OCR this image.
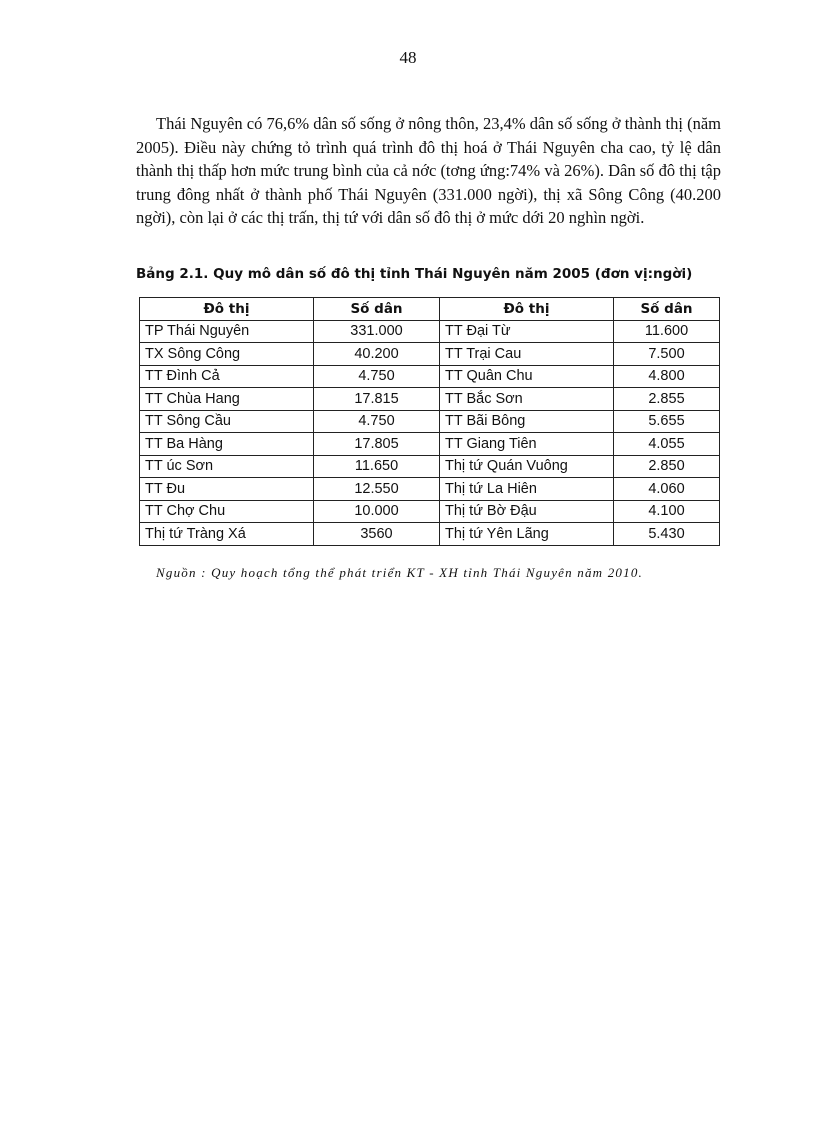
48

Thái Nguyên có 76,6% dân số sống ở nông thôn, 23,4% dân số sống ở thành thị (năm 2005). Điều này chứng tỏ trình quá trình đô thị hoá ở Thái Nguyên cha cao, tỷ lệ dân thành thị thấp hơn mức trung bình của cả nớc (tơng ứng:74% và 26%). Dân số đô thị tập trung đông nhất ở thành phố Thái Nguyên (331.000 ngời), thị xã Sông Công (40.200 ngời), còn lại ở các thị trấn, thị tứ với dân số đô thị ở mức dới 20 nghìn ngời.

Bảng 2.1. Quy mô dân số đô thị tỉnh Thái Nguyên năm 2005 (đơn vị:ngời)
Đô thị	Số dân	Đô thị	Số dân
TP Thái Nguyên	331.000	TT Đại Từ	11.600
TX Sông Công	40.200	TT Trại Cau	7.500
TT Đình Cả	4.750	TT Quân Chu	4.800
TT Chùa Hang	17.815	TT Bắc Sơn	2.855
TT Sông Cầu	4.750	TT Bãi Bông	5.655
TT Ba Hàng	17.805	TT Giang Tiên	4.055
TT úc Sơn	11.650	Thị tứ Quán Vuông	2.850
TT Đu	12.550	Thị tứ La Hiên	4.060
TT Chợ Chu	10.000	Thị tứ Bờ Đậu	4.100
Thị tứ Tràng Xá	3560	Thị tứ Yên Lãng	5.430
Nguồn : Quy hoạch tổng thể phát triển KT - XH tỉnh Thái Nguyên năm 2010.
